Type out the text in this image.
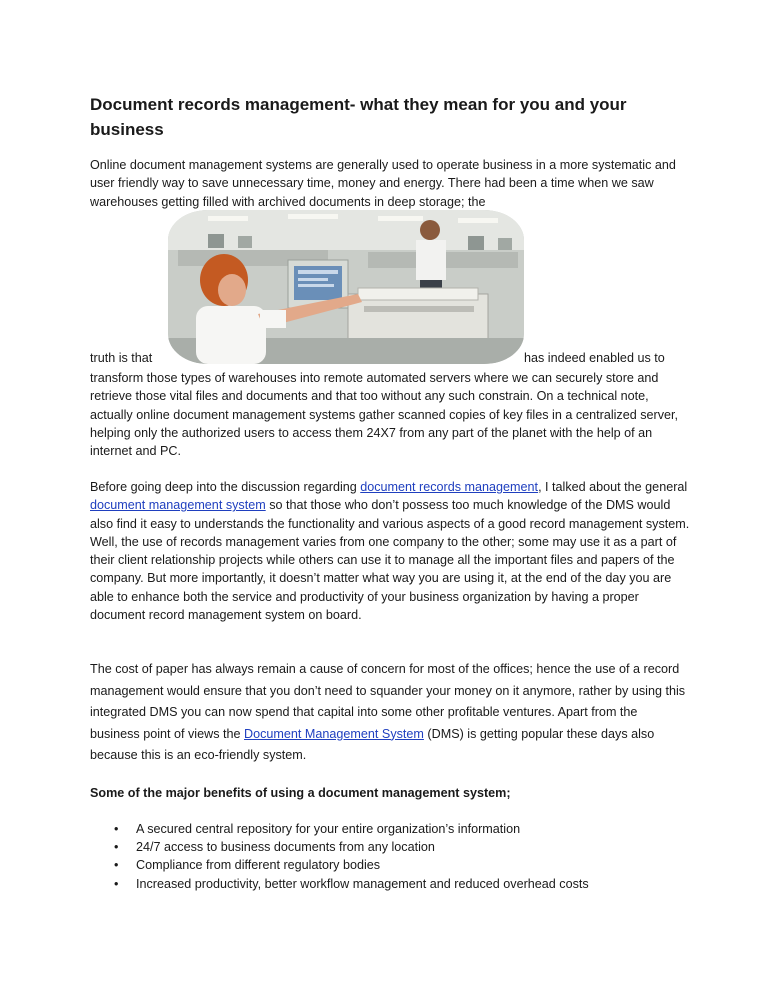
Document records management- what they mean for you and your business

Online document management systems are generally used to operate business in a more systematic and user friendly way to save unnecessary time, money and energy. There had been a time when we saw warehouses getting filled with archived documents in deep storage; the

truth is that	has indeed enabled us to

transform those types of warehouses into remote automated servers where we can securely store and retrieve those vital files and documents and that too without any such constrain. On a technical note, actually online document management systems gather scanned copies of key files in a centralized server, helping only the authorized users to access them 24X7 from any part of the planet with the help of an internet and PC.

Before going deep into the discussion regarding document records management, I talked about the general document management system so that those who don’t possess too much knowledge of the DMS would also find it easy to understands the functionality and various aspects of a good record management system. Well, the use of records management varies from one company to the other; some may use it as a part of their client relationship projects while others can use it to manage all the important files and papers of the company. But more importantly, it doesn’t matter what way you are using it, at the end of the day you are able to enhance both the service and productivity of your business organization by having a proper document record management system on board.

The cost of paper has always remain a cause of concern for most of the offices; hence the use of a record management would ensure that you don’t need to squander your money on it anymore, rather by using this integrated DMS you can now spend that capital into some other profitable ventures. Apart from the business point of views the Document Management System (DMS) is getting popular these days also because this is an eco-friendly system.

Some of the major benefits of using a document management system;

• A secured central repository for your entire organization’s information
• 24/7 access to business documents from any location
• Compliance from different regulatory bodies
• Increased productivity, better workflow management and reduced overhead costs
